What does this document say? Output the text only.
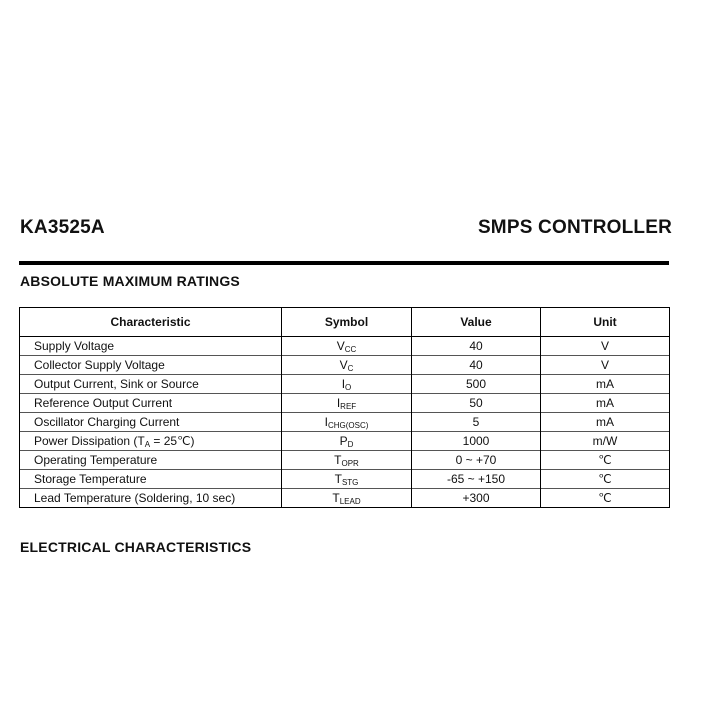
KA3525A	SMPS CONTROLLER
ABSOLUTE MAXIMUM RATINGS
Characteristic	Symbol	Value	Unit
Supply Voltage	$V_{CC}$	40	V
Collector Supply Voltage	$V_C$	40	V
Output Current, Sink or Source	$I_O$	500	mA
Reference Output Current	$I_{REF}$	50	mA
Oscillator Charging Current	$I_{CHG(OSC)}$	5	mA
Power Dissipation ($T_A$ = 25℃)	$P_D$	1000	m/W
Operating Temperature	$T_{OPR}$	0 ~ +70	℃
Storage Temperature	$T_{STG}$	-65 ~ +150	℃
Lead Temperature (Soldering, 10 sec)	$T_{LEAD}$	+300	℃
ELECTRICAL CHARACTERISTICS
